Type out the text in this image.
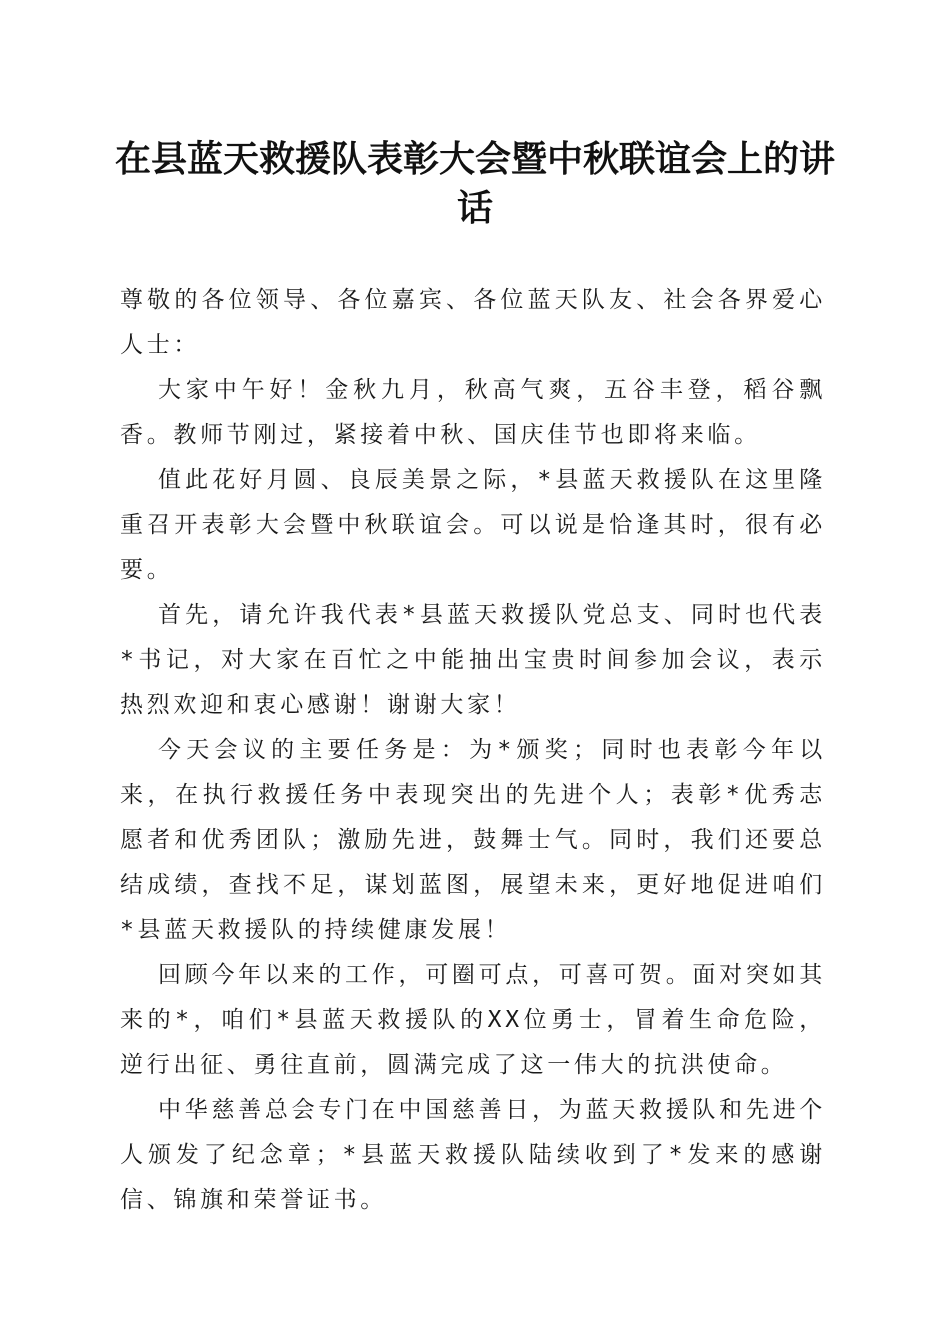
在县蓝天救援队表彰大会暨中秋联谊会上的讲话

尊敬的各位领导、各位嘉宾、各位蓝天队友、社会各界爱心人士：

大家中午好！金秋九月，秋高气爽，五谷丰登，稻谷飘香。教师节刚过，紧接着中秋、国庆佳节也即将来临。

值此花好月圆、良辰美景之际，*县蓝天救援队在这里隆重召开表彰大会暨中秋联谊会。可以说是恰逢其时，很有必要。

首先，请允许我代表*县蓝天救援队党总支、同时也代表*书记，对大家在百忙之中能抽出宝贵时间参加会议，表示热烈欢迎和衷心感谢！谢谢大家！

今天会议的主要任务是：为*颁奖；同时也表彰今年以来，在执行救援任务中表现突出的先进个人；表彰*优秀志愿者和优秀团队；激励先进，鼓舞士气。同时，我们还要总结成绩，查找不足，谋划蓝图，展望未来，更好地促进咱们*县蓝天救援队的持续健康发展！

回顾今年以来的工作，可圈可点，可喜可贺。面对突如其来的*，咱们*县蓝天救援队的XX位勇士，冒着生命危险，逆行出征、勇往直前，圆满完成了这一伟大的抗洪使命。

中华慈善总会专门在中国慈善日，为蓝天救援队和先进个人颁发了纪念章；*县蓝天救援队陆续收到了*发来的感谢信、锦旗和荣誉证书。
